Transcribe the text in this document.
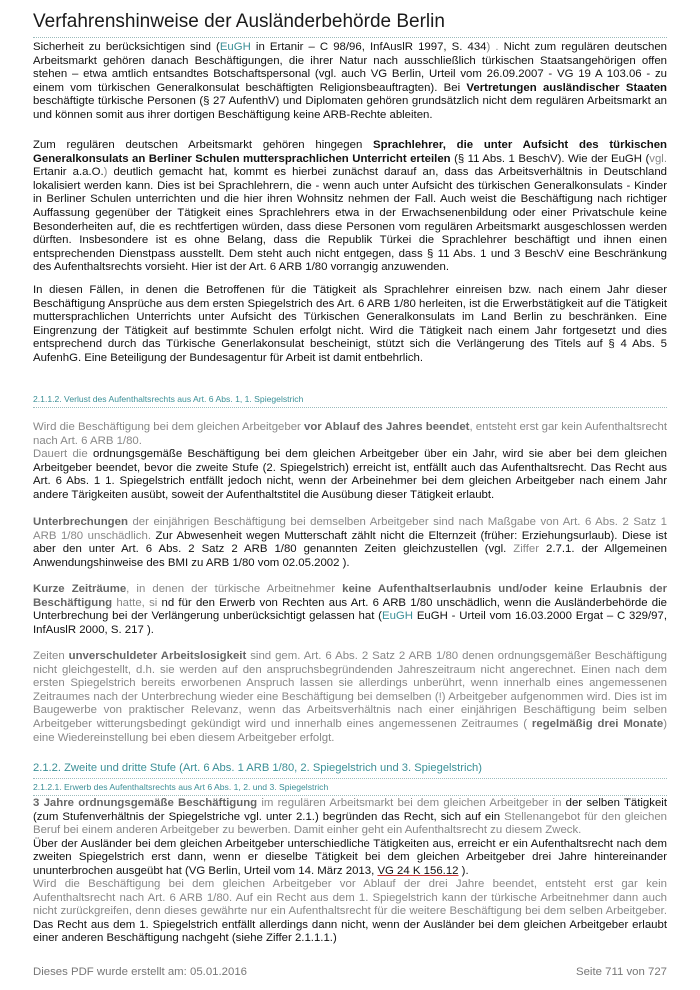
Verfahrenshinweise der Ausländerbehörde Berlin
Sicherheit zu berücksichtigen sind (EuGH in Ertanir – C 98/96, InfAuslR 1997, S. 434) . Nicht zum regulären deutschen Arbeitsmarkt gehören danach Beschäftigungen, die ihrer Natur nach ausschließlich türkischen Staatsangehörigen offen stehen – etwa amtlich entsandtes Botschaftspersonal (vgl. auch VG Berlin, Urteil vom 26.09.2007 - VG 19 A 103.06 - zu einem vom türkischen Generalkonsulat beschäftigten Religionsbeauftragten). Bei Vertretungen ausländischer Staaten beschäftigte türkische Personen (§ 27 AufenthV) und Diplomaten gehören grundsätzlich nicht dem regulären Arbeitsmarkt an und können somit aus ihrer dortigen Beschäftigung keine ARB-Rechte ableiten.
Zum regulären deutschen Arbeitsmarkt gehören hingegen Sprachlehrer, die unter Aufsicht des türkischen Generalkonsulats an Berliner Schulen muttersprachlichen Unterricht erteilen (§ 11 Abs. 1 BeschV). Wie der EuGH (vgl. Ertanir a.a.O.) deutlich gemacht hat, kommt es hierbei zunächst darauf an, dass das Arbeitsverhältnis in Deutschland lokalisiert werden kann. Dies ist bei Sprachlehrern, die - wenn auch unter Aufsicht des türkischen Generalkonsulats - Kinder in Berliner Schulen unterrichten und die hier ihren Wohnsitz nehmen der Fall. Auch weist die Beschäftigung nach richtiger Auffassung gegenüber der Tätigkeit eines Sprachlehrers etwa in der Erwachsenenbildung oder einer Privatschule keine Besonderheiten auf, die es rechtfertigen würden, dass diese Personen vom regulären Arbeitsmarkt ausgeschlossen werden dürften. Insbesondere ist es ohne Belang, dass die Republik Türkei die Sprachlehrer beschäftigt und ihnen einen entsprechenden Dienstpass ausstellt. Dem steht auch nicht entgegen, dass § 11 Abs. 1 und 3 BeschV eine Beschränkung des Aufenthaltsrechts vorsieht. Hier ist der Art. 6 ARB 1/80 vorrangig anzuwenden.
In diesen Fällen, in denen die Betroffenen für die Tätigkeit als Sprachlehrer einreisen bzw. nach einem Jahr dieser Beschäftigung Ansprüche aus dem ersten Spiegelstrich des Art. 6 ARB 1/80 herleiten, ist die Erwerbstätigkeit auf die Tätigkeit muttersprachlichen Unterrichts unter Aufsicht des Türkischen Generalkonsulats im Land Berlin zu beschränken. Eine Eingrenzung der Tätigkeit auf bestimmte Schulen erfolgt nicht. Wird die Tätigkeit nach einem Jahr fortgesetzt und dies entsprechend durch das Türkische Generlakonsulat bescheinigt, stützt sich die Verlängerung des Titels auf § 4 Abs. 5 AufenhG. Eine Beteiligung der Bundesagentur für Arbeit ist damit entbehrlich.
2.1.1.2. Verlust des Aufenthaltsrechts aus Art. 6 Abs. 1, 1. Spiegelstrich
Wird die Beschäftigung bei dem gleichen Arbeitgeber vor Ablauf des Jahres beendet, entsteht erst gar kein Aufenthaltsrecht nach Art. 6 ARB 1/80.
Dauert die ordnungsgemäße Beschäftigung bei dem gleichen Arbeitgeber über ein Jahr, wird sie aber bei dem gleichen Arbeitgeber beendet, bevor die zweite Stufe (2. Spiegelstrich) erreicht ist, entfällt auch das Aufenthaltsrecht. Das Recht aus Art. 6 Abs. 1 1. Spiegelstrich entfällt jedoch nicht, wenn der Arbeinehmer bei dem gleichen Arbeitgeber nach einem Jahr andere Tärigkeiten ausübt, soweit der Aufenthaltstitel die Ausübung dieser Tätigkeit erlaubt.
Unterbrechungen der einjährigen Beschäftigung bei demselben Arbeitgeber sind nach Maßgabe von Art. 6 Abs. 2 Satz 1 ARB 1/80 unschädlich. Zur Abwesenheit wegen Mutterschaft zählt nicht die Elternzeit (früher: Erziehungsurlaub). Diese ist aber den unter Art. 6 Abs. 2 Satz 2 ARB 1/80 genannten Zeiten gleichzustellen (vgl. Ziffer 2.7.1. der Allgemeinen Anwendungshinweise des BMI zu ARB 1/80 vom 02.05.2002 ).
Kurze Zeiträume, in denen der türkische Arbeitnehmer keine Aufenthaltserlaubnis und/oder keine Erlaubnis der Beschäftigung hatte, si nd für den Erwerb von Rechten aus Art. 6 ARB 1/80 unschädlich, wenn die Ausländerbehörde die Unterbrechung bei der Verlängerung unberücksichtigt gelassen hat (EuGH EuGH - Urteil vom 16.03.2000 Ergat – C 329/97, InfAuslR 2000, S. 217 ).
Zeiten unverschuldeter Arbeitslosigkeit sind gem. Art. 6 Abs. 2 Satz 2 ARB 1/80 denen ordnungsgemäßer Beschäftigung nicht gleichgestellt, d.h. sie werden auf den anspruchsbegründenden Jahreszeitraum nicht angerechnet. Einen nach dem ersten Spiegelstrich bereits erworbenen Anspruch lassen sie allerdings unberührt, wenn innerhalb eines angemessenen Zeitraumes nach der Unterbrechung wieder eine Beschäftigung bei demselben (!) Arbeitgeber aufgenommen wird. Dies ist im Baugewerbe von praktischer Relevanz, wenn das Arbeitsverhältnis nach einer einjährigen Beschäftigung beim selben Arbeitgeber witterungsbedingt gekündigt wird und innerhalb eines angemessenen Zeitraumes ( regelmäßig drei Monate) eine Wiedereinstellung bei eben diesem Arbeitgeber erfolgt.
2.1.2. Zweite und dritte Stufe (Art. 6 Abs. 1 ARB 1/80, 2. Spiegelstrich und 3. Spiegelstrich)
2.1.2.1. Erwerb des Aufenthaltsrechts aus Art 6 Abs. 1, 2. und 3. Spiegelstrich
3 Jahre ordnungsgemäße Beschäftigung im regulären Arbeitsmarkt bei dem gleichen Arbeitgeber in der selben Tätigkeit (zum Stufenverhältnis der Spiegelstriche vgl. unter 2.1.) begründen das Recht, sich auf ein Stellenangebot für den gleichen Beruf bei einem anderen Arbeitgeber zu bewerben. Damit einher geht ein Aufenthaltsrecht zu diesem Zweck.
Über der Ausländer bei dem gleichen Arbeitgeber unterschiedliche Tätigkeiten aus, erreicht er ein Aufenthaltsrecht nach dem zweiten Spiegelstrich erst dann, wenn er dieselbe Tätigkeit bei dem gleichen Arbeitgeber drei Jahre hintereinander ununterbrochen ausgeübt hat (VG Berlin, Urteil vom 14. März 2013, VG 24 K 156.12 ).
Wird die Beschäftigung bei dem gleichen Arbeitgeber vor Ablauf der drei Jahre beendet, entsteht erst gar kein Aufenthaltsrecht nach Art. 6 ARB 1/80. Auf ein Recht aus dem 1. Spiegelstrich kann der türkische Arbeitnehmer dann auch nicht zurückgreifen, denn dieses gewährte nur ein Aufenthaltsrecht für die weitere Beschäftigung bei dem selben Arbeitgeber. Das Recht aus dem 1. Spiegelstrich entfällt allerdings dann nicht, wenn der Ausländer bei dem gleichen Arbeitgeber erlaubt einer anderen Beschäftigung nachgeht (siehe Ziffer 2.1.1.1.)
Dieses PDF wurde erstellt am: 05.01.2016	Seite 711 von 727
